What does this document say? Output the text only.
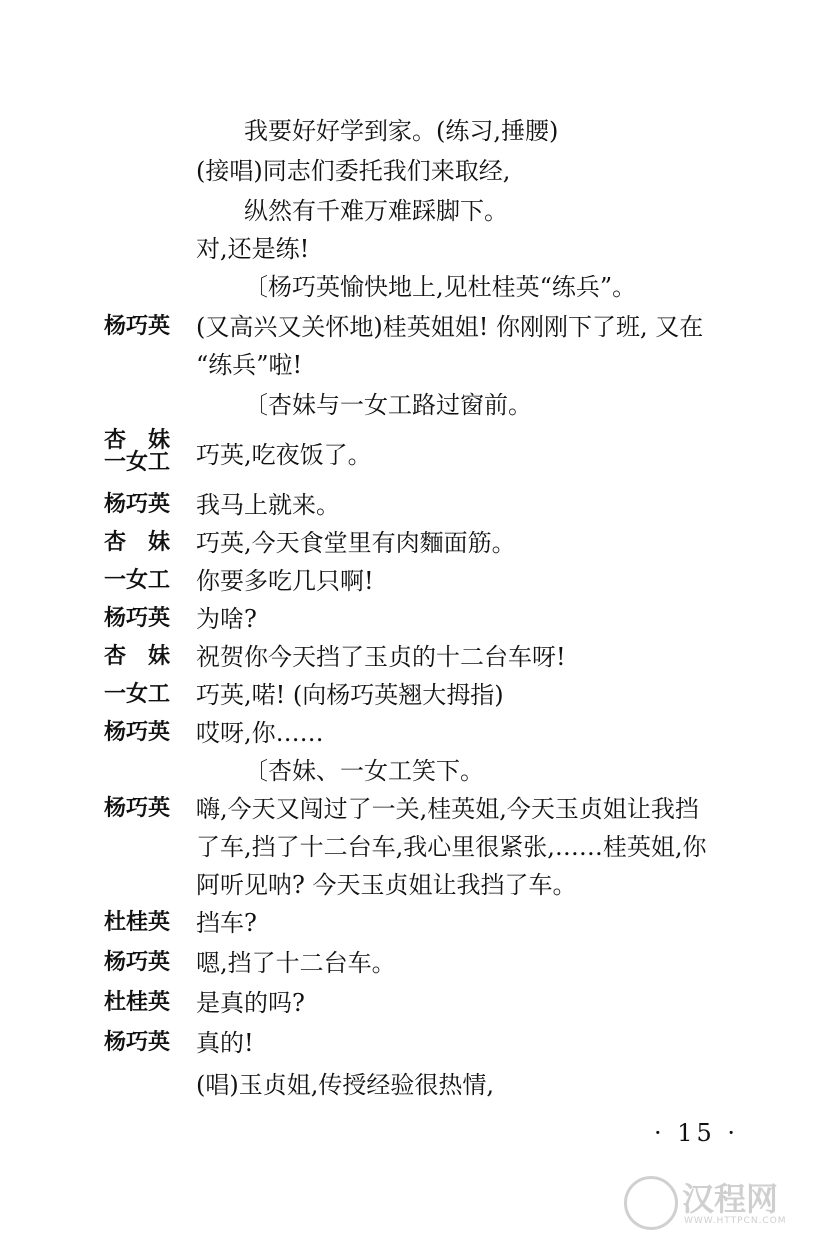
我要好好学到家。(练习,捶腰)
(接唱)同志们委托我们来取经,
纵然有千难万难踩脚下。
对,还是练!
〔杨巧英愉快地上,见杜桂英“练兵”。
杨巧英 (又高兴又关怀地)桂英姐姐! 你刚刚下了班, 又在
“练兵”啦!
〔杏妹与一女工路过窗前。
杏　妹
一女工 巧英,吃夜饭了。
杨巧英 我马上就来。
杏　妹 巧英,今天食堂里有肉麵面筋。
一女工 你要多吃几只啊!
杨巧英 为啥?
杏　妹 祝贺你今天挡了玉贞的十二台车呀!
一女工 巧英,喏! (向杨巧英翘大拇指)
杨巧英 哎呀,你……
〔杏妹、一女工笑下。
杨巧英 嗨,今天又闯过了一关,桂英姐,今天玉贞姐让我挡
了车,挡了十二台车,我心里很紧张,……桂英姐,你
阿听见呐? 今天玉贞姐让我挡了车。
杜桂英 挡车?
杨巧英 嗯,挡了十二台车。
杜桂英 是真的吗?
杨巧英 真的!
(唱)玉贞姐,传授经验很热情,
· 15 ·
汉程网
WWW.HTTPCN.COM
